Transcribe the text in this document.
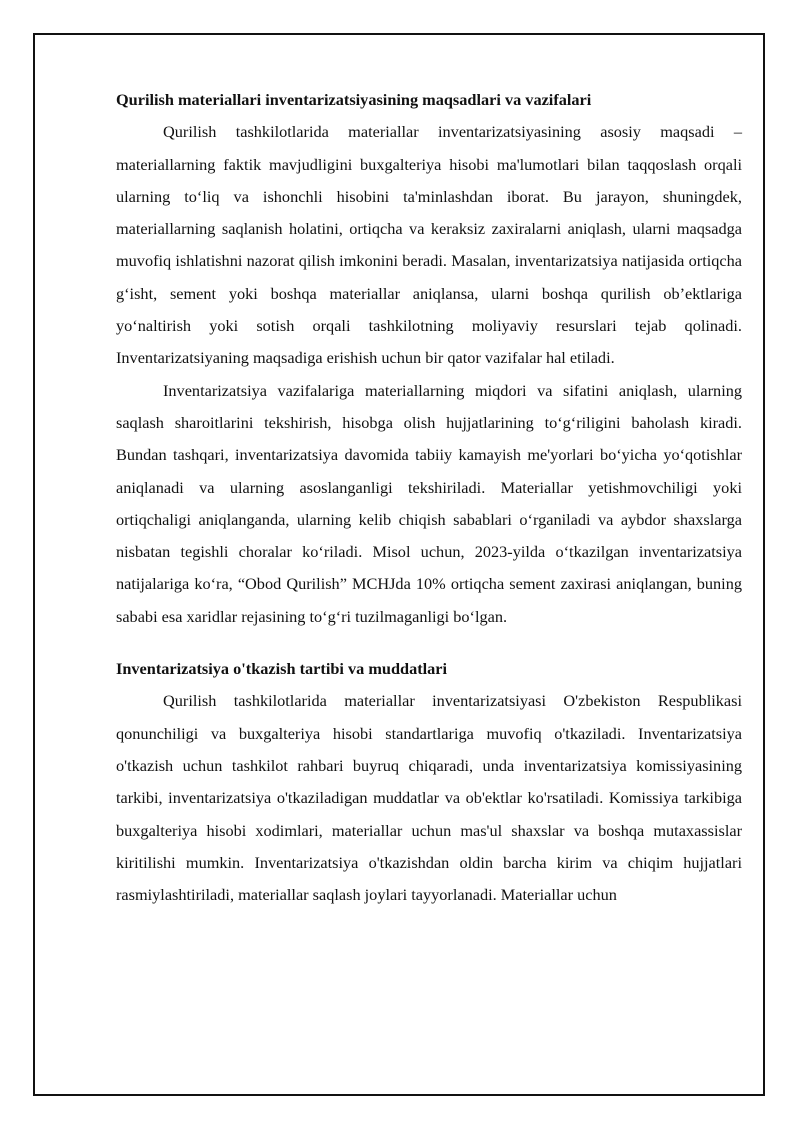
Qurilish materiallari inventarizatsiyasining maqsadlari va vazifalari

Qurilish tashkilotlarida materiallar inventarizatsiyasining asosiy maqsadi – materiallarning faktik mavjudligini buxgalteriya hisobi ma'lumotlari bilan taqqoslash orqali ularning to‘liq va ishonchli hisobini ta'minlashdan iborat. Bu jarayon, shuningdek, materiallarning saqlanish holatini, ortiqcha va keraksiz zaxiralarni aniqlash, ularni maqsadga muvofiq ishlatishni nazorat qilish imkonini beradi. Masalan, inventarizatsiya natijasida ortiqcha g‘isht, sement yoki boshqa materiallar aniqlansa, ularni boshqa qurilish ob’ektlariga yo‘naltirish yoki sotish orqali tashkilotning moliyaviy resurslari tejab qolinadi. Inventarizatsiyaning maqsadiga erishish uchun bir qator vazifalar hal etiladi.

Inventarizatsiya vazifalariga materiallarning miqdori va sifatini aniqlash, ularning saqlash sharoitlarini tekshirish, hisobga olish hujjatlarining to‘g‘riligini baholash kiradi. Bundan tashqari, inventarizatsiya davomida tabiiy kamayish me'yorlari bo‘yicha yo‘qotishlar aniqlanadi va ularning asoslanganligi tekshiriladi. Materiallar yetishmovchiligi yoki ortiqchaligi aniqlanganda, ularning kelib chiqish sabablari o‘rganiladi va aybdor shaxslarga nisbatan tegishli choralar ko‘riladi. Misol uchun, 2023-yilda o‘tkazilgan inventarizatsiya natijalariga ko‘ra, “Obod Qurilish” MCHJda 10% ortiqcha sement zaxirasi aniqlangan, buning sababi esa xaridlar rejasining to‘g‘ri tuzilmaganligi bo‘lgan.

Inventarizatsiya o'tkazish tartibi va muddatlari

Qurilish tashkilotlarida materiallar inventarizatsiyasi O'zbekiston Respublikasi qonunchiligi va buxgalteriya hisobi standartlariga muvofiq o'tkaziladi. Inventarizatsiya o'tkazish uchun tashkilot rahbari buyruq chiqaradi, unda inventarizatsiya komissiyasining tarkibi, inventarizatsiya o'tkaziladigan muddatlar va ob'ektlar ko'rsatiladi. Komissiya tarkibiga buxgalteriya hisobi xodimlari, materiallar uchun mas'ul shaxslar va boshqa mutaxassislar kiritilishi mumkin. Inventarizatsiya o'tkazishdan oldin barcha kirim va chiqim hujjatlari rasmiylashtiriladi, materiallar saqlash joylari tayyorlanadi. Materiallar uchun
